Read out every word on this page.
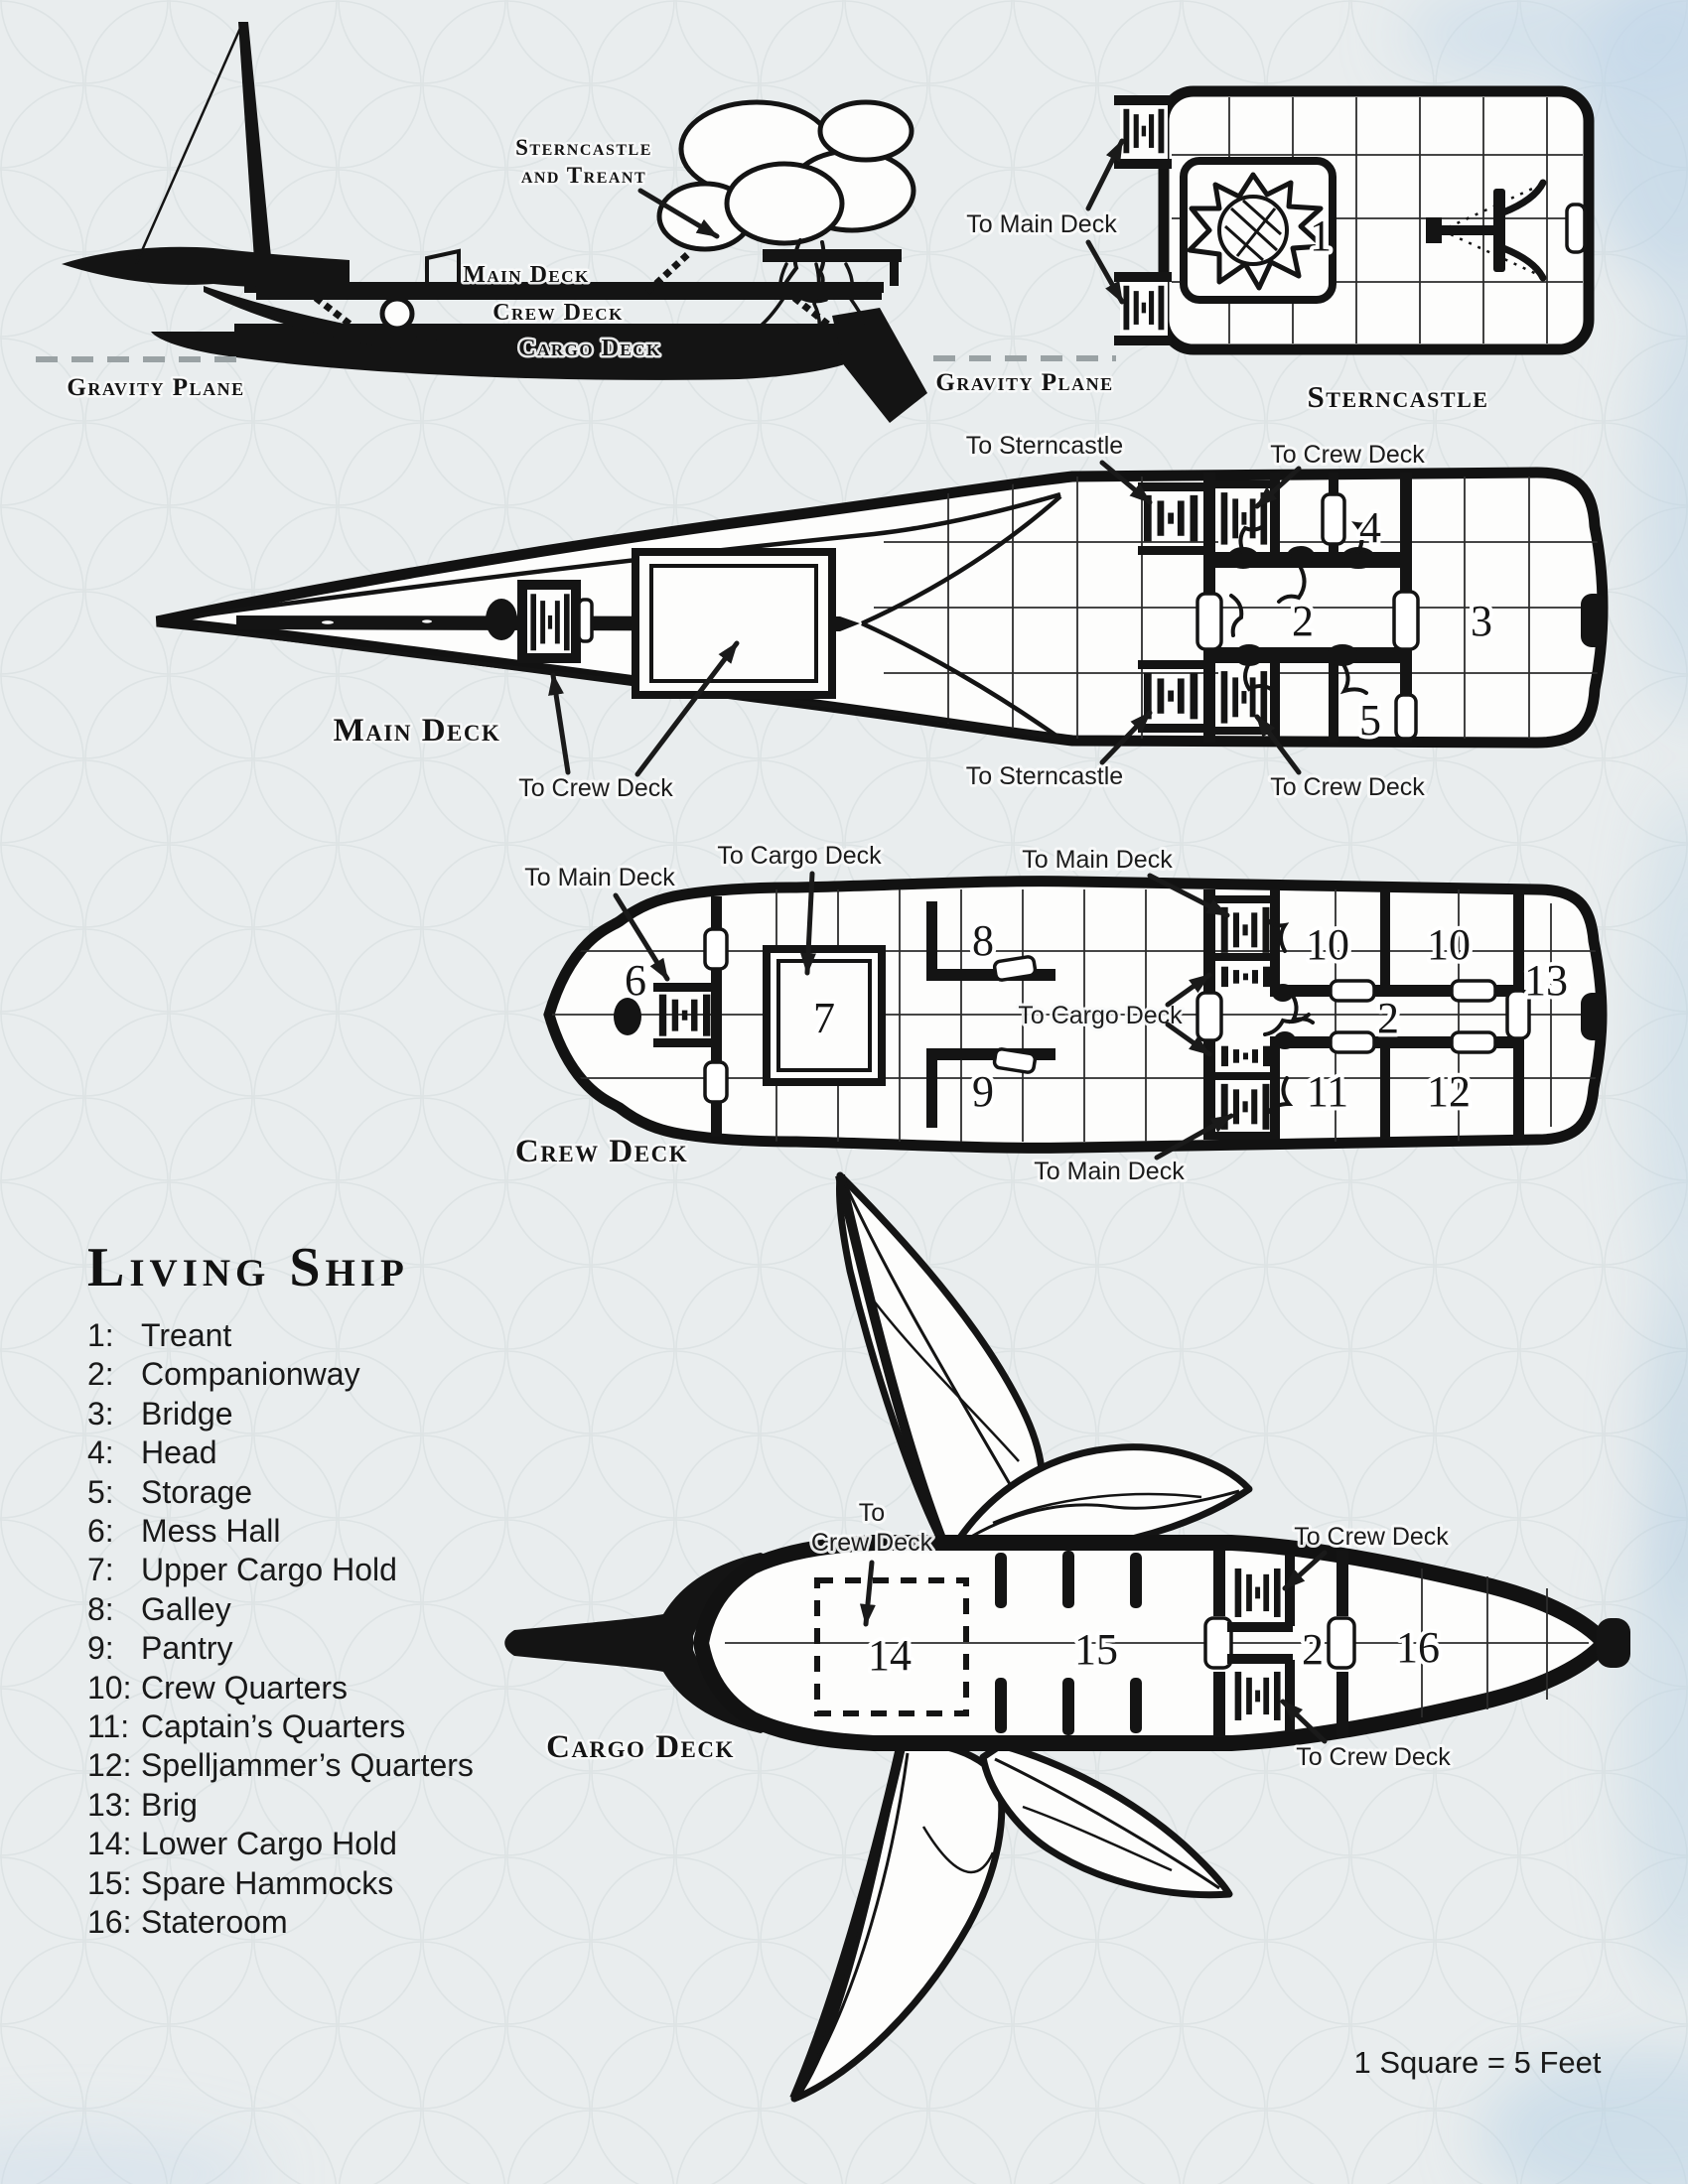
Sterncastle
and Treant
Main Deck
Crew Deck
Cargo Deck
Gravity Plane	Gravity Plane
1
To Main Deck
Sterncastle
To Sterncastle	To Crew Deck
To Sterncastle	To Crew Deck
To Crew Deck
Main Deck
2	3
4
5
To Main Deck
To Cargo Deck	To Main Deck
To Cargo Deck
To Main Deck
Crew Deck
6
7
8
9
10 10
11 12
13
2
To
Crew Deck	To Crew Deck
To Crew Deck
Cargo Deck
14	15	2 16
Living Ship
1: Treant
2: Companionway
3: Bridge
4: Head
5: Storage
6: Mess Hall
7: Upper Cargo Hold
8: Galley
9: Pantry
10: Crew Quarters
11: Captain’s Quarters
12: Spelljammer’s Quarters
13: Brig
14: Lower Cargo Hold
15: Spare Hammocks
16: Stateroom
1 Square = 5 Feet
